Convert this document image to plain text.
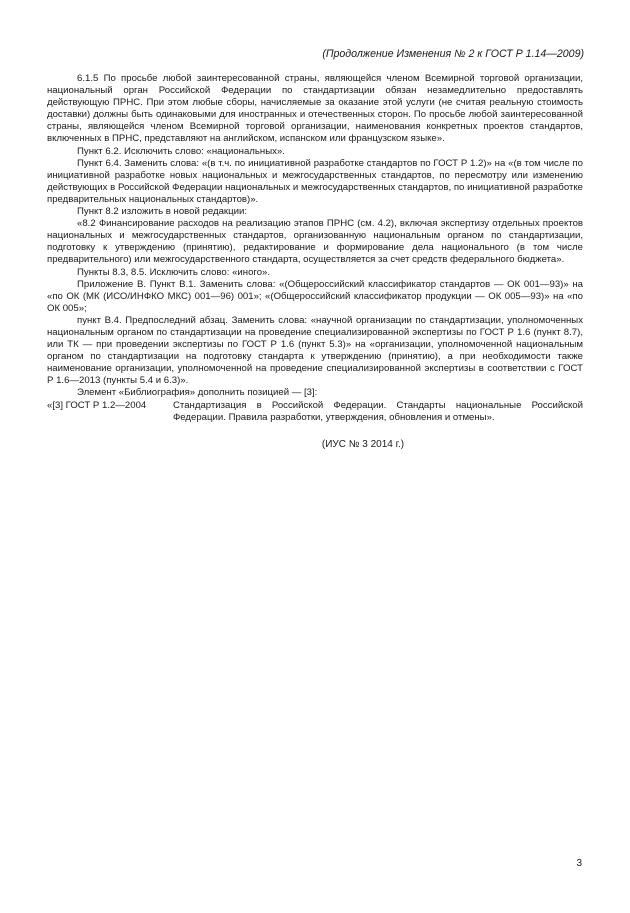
(Продолжение Изменения № 2 к ГОСТ Р 1.14—2009)

6.1.5 По просьбе любой заинтересованной страны, являющейся членом Всемирной торговой организации, национальный орган Российской Федерации по стандартизации обязан незамедлительно предоставлять действующую ПРНС. При этом любые сборы, начисляемые за оказание этой услуги (не считая реальную стоимость доставки) должны быть одинаковыми для иностранных и отечественных сторон. По просьбе любой заинтересованной страны, являющейся членом Всемирной торговой организации, наименования конкретных проектов стандартов, включенных в ПРНС, представляют на английском, испанском или французском языке».

Пункт 6.2. Исключить слово: «национальных».

Пункт 6.4. Заменить слова: «(в т.ч. по инициативной разработке стандартов по ГОСТ Р 1.2)» на «(в том числе по инициативной разработке новых национальных и межгосударственных стандартов, по пересмотру или изменению действующих в Российской Федерации национальных и межгосударственных стандартов, по инициативной разработке предварительных национальных стандартов)».

Пункт 8.2 изложить в новой редакции:

«8.2 Финансирование расходов на реализацию этапов ПРНС (см. 4.2), включая экспертизу отдельных проектов национальных и межгосударственных стандартов, организованную национальным органом по стандартизации, подготовку к утверждению (принятию), редактирование и формирование дела национального (в том числе предварительного) или межгосударственного стандарта, осуществляется за счет средств федерального бюджета».

Пункты 8.3, 8.5. Исключить слово: «иного».

Приложение В. Пункт В.1. Заменить слова: «(Общероссийский классификатор стандартов — ОК 001—93)» на «по ОК (МК (ИСО/ИНФКО МКС) 001—96) 001»; «(Общероссийский классификатор продукции — ОК 005—93)» на «по ОК 005»;

пункт В.4. Предпоследний абзац. Заменить слова: «научной организации по стандартизации, уполномоченных национальным органом по стандартизации на проведение специализированной экспертизы по ГОСТ Р 1.6 (пункт 8.7), или ТК — при проведении экспертизы по ГОСТ Р 1.6 (пункт 5.3)» на «организации, уполномоченной национальным органом по стандартизации на подготовку стандарта к утверждению (принятию), а при необходимости также наименование организации, уполномоченной на проведение специализированной экспертизы в соответствии с ГОСТ Р 1.6—2013 (пункты 5.4 и 6.3)».

Элемент «Библиография» дополнить позицией — [3]:

«[3] ГОСТ Р 1.2—2004	Стандартизация в Российской Федерации. Стандарты национальные Российской Федерации. Правила разработки, утверждения, обновления и отмены».
(ИУС № 3 2014 г.)
3
